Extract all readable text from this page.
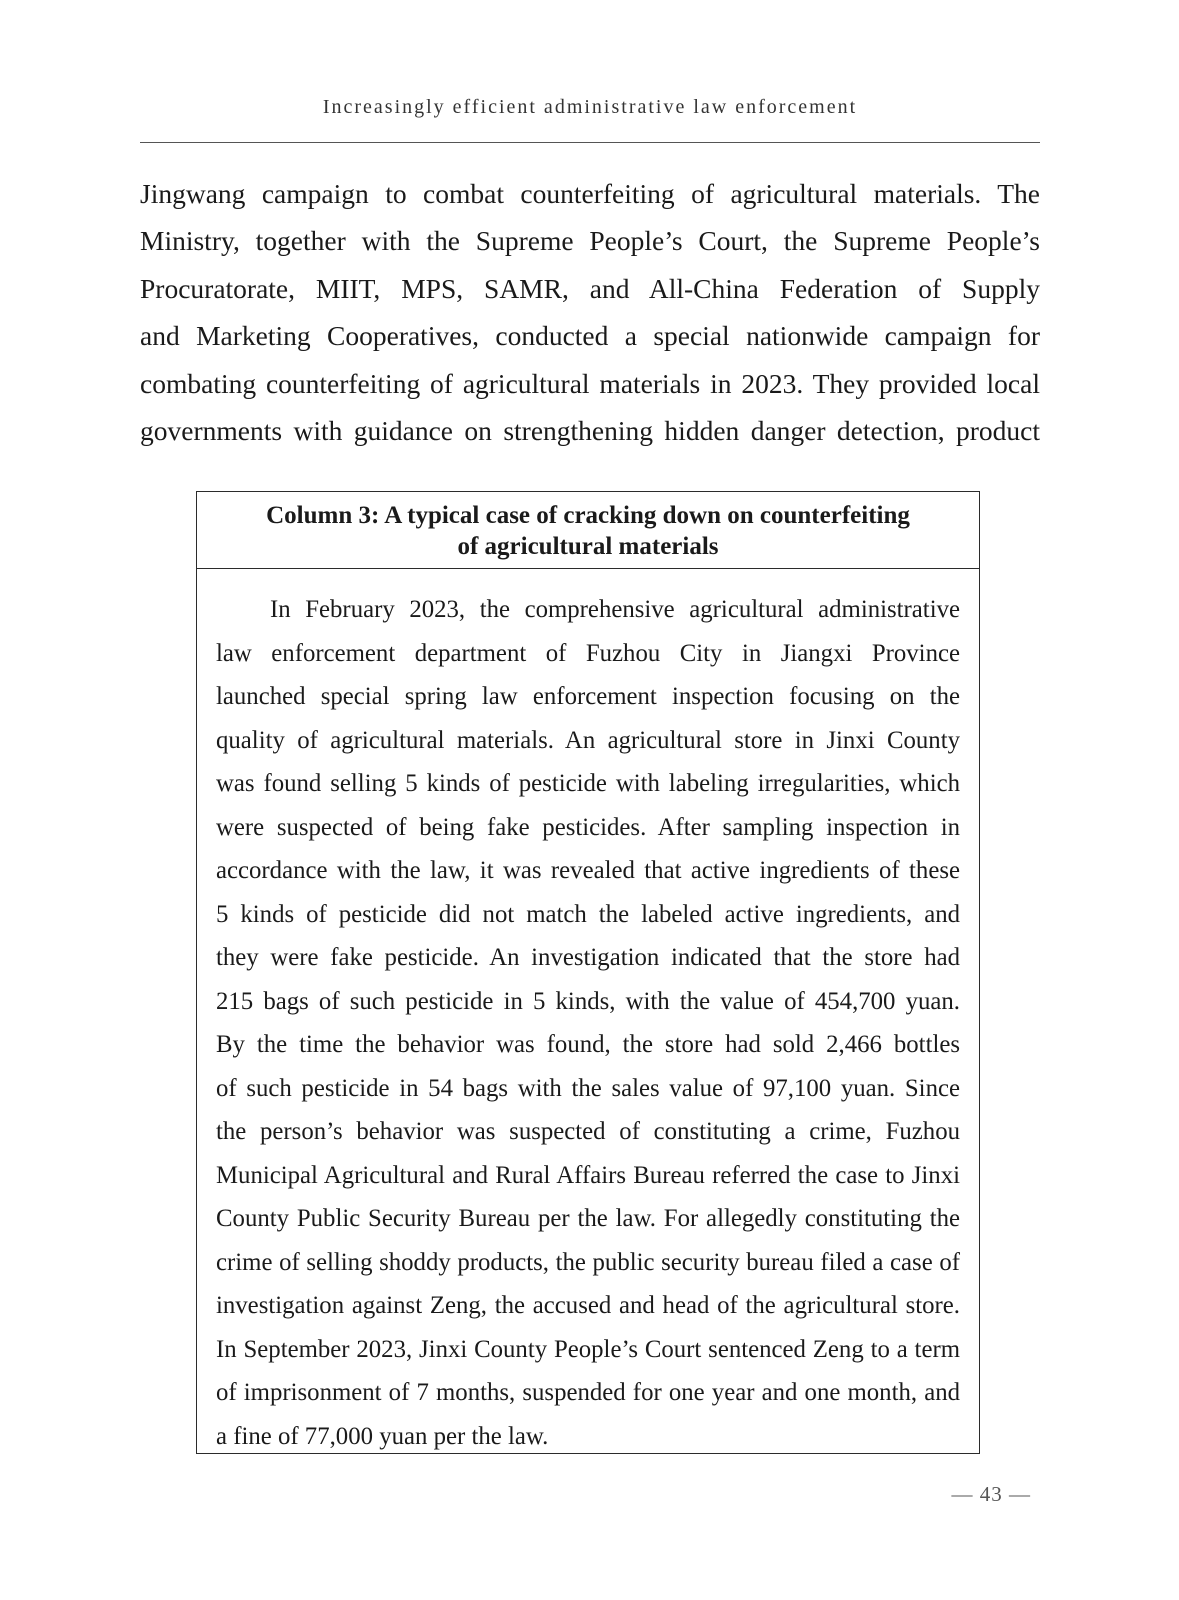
Increasingly efficient administrative law enforcement

Jingwang campaign to combat counterfeiting of agricultural materials. The
Ministry, together with the Supreme People’s Court, the Supreme People’s
Procuratorate, MIIT, MPS, SAMR, and All-China Federation of Supply
and Marketing Cooperatives, conducted a special nationwide campaign for
combating counterfeiting of agricultural materials in 2023. They provided local
governments with guidance on strengthening hidden danger detection, product

Column 3: A typical case of cracking down on counterfeiting
of agricultural materials
In February 2023, the comprehensive agricultural administrative
law enforcement department of Fuzhou City in Jiangxi Province
launched special spring law enforcement inspection focusing on the
quality of agricultural materials. An agricultural store in Jinxi County
was found selling 5 kinds of pesticide with labeling irregularities, which
were suspected of being fake pesticides. After sampling inspection in
accordance with the law, it was revealed that active ingredients of these
5 kinds of pesticide did not match the labeled active ingredients, and
they were fake pesticide. An investigation indicated that the store had
215 bags of such pesticide in 5 kinds, with the value of 454,700 yuan.
By the time the behavior was found, the store had sold 2,466 bottles
of such pesticide in 54 bags with the sales value of 97,100 yuan. Since
the person’s behavior was suspected of constituting a crime, Fuzhou
Municipal Agricultural and Rural Affairs Bureau referred the case to Jinxi
County Public Security Bureau per the law. For allegedly constituting the
crime of selling shoddy products, the public security bureau filed a case of
investigation against Zeng, the accused and head of the agricultural store.
In September 2023, Jinxi County People’s Court sentenced Zeng to a term
of imprisonment of 7 months, suspended for one year and one month, and
a fine of 77,000 yuan per the law.
— 43 —
